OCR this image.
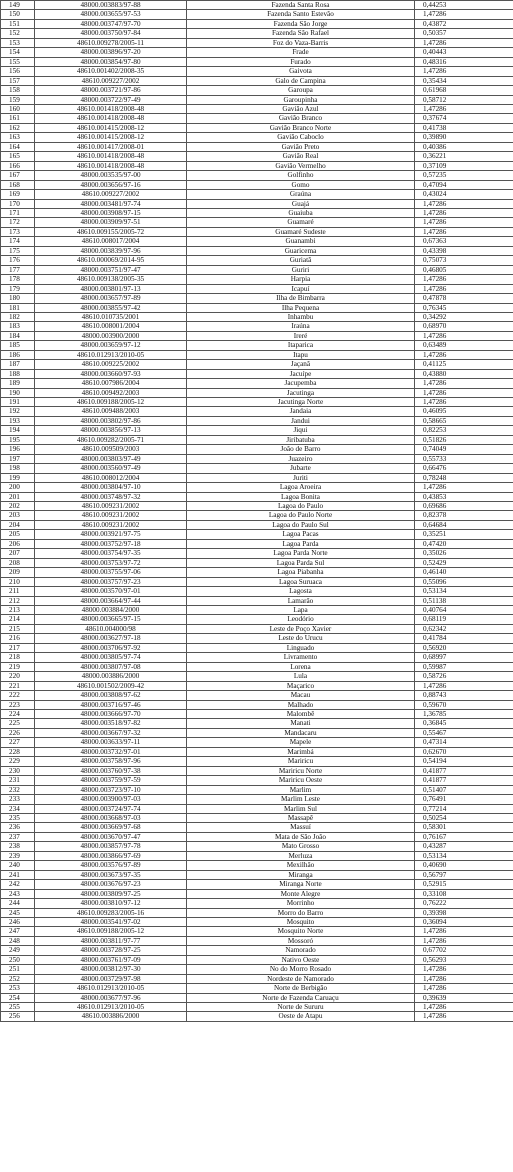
149	48000.003883/97-88	Fazenda Santa Rosa	0,44253
150	48000.003655/97-53	Fazenda Santo Estevão	1,47286
151	48000.003747/97-70	Fazenda São Jorge	0,43872
152	48000.003750/97-84	Fazenda São Rafael	0,50357
153	48610.009278/2005-11	Foz do Vaza-Barris	1,47286
154	48000.003896/97-20	Frade	0,40443
155	48000.003854/97-80	Furado	0,48316
156	48610.001402/2008-35	Gaivota	1,47286
157	48610.009227/2002	Galo de Campina	0,35434
158	48000.003721/97-86	Garoupa	0,61968
159	48000.003722/97-49	Garoupinha	0,58712
160	48610.001418/2008-48	Gavião Azul	1,47286
161	48610.001418/2008-48	Gavião Branco	0,37674
162	48610.001415/2008-12	Gavião Branco Norte	0,41738
163	48610.001415/2008-12	Gavião Caboclo	0,39890
164	48610.001417/2008-01	Gavião Preto	0,40386
165	48610.001418/2008-48	Gavião Real	0,36221
166	48610.001418/2008-48	Gavião Vermelho	0,37109
167	48000.003535/97-00	Golfinho	0,57235
168	48000.003656/97-16	Gomo	0,47094
169	48610.009227/2002	Graúna	0,43024
170	48000.003481/97-74	Guajá	1,47286
171	48000.003908/97-15	Guaiuba	1,47286
172	48000.003909/97-51	Guamaré	1,47286
173	48610.009155/2005-72	Guamaré Sudeste	1,47286
174	48610.008017/2004	Guanambi	0,67363
175	48000.003839/97-96	Guaricema	0,43398
176	48610.000069/2014-95	Guriatã	0,75073
177	48000.003751/97-47	Guriri	0,46805
178	48610.009138/2005-35	Harpia	1,47286
179	48000.003801/97-13	Icapuí	1,47286
180	48000.003657/97-89	Ilha de Bimbarra	0,47878
181	48000.003855/97-42	Ilha Pequena	0,76345
182	48610.010735/2001	Inhambu	0,34292
183	48610.008001/2004	Iraúna	0,68970
184	48000.003900/2000	Ireré	1,47286
185	48000.003659/97-12	Itaparica	0,63489
186	48610.012913/2010-05	Itapu	1,47286
187	48610.009225/2002	Jaçanã	0,41125
188	48000.003660/97-93	Jacuípe	0,43880
189	48610.007986/2004	Jacupemba	1,47286
190	48610.009492/2003	Jacutinga	1,47286
191	48610.009188/2005-12	Jacutinga Norte	1,47286
192	48610.009488/2003	Jandaia	0,46095
193	48000.003802/97-86	Jandui	0,58665
194	48000.003856/97-13	Jiqui	0,82253
195	48610.009282/2005-71	Jiribatuba	0,51826
196	48610.009509/2003	João de Barro	0,74049
197	48000.003803/97-49	Juazeiro	0,55733
198	48000.003560/97-49	Jubarte	0,66476
199	48610.008012/2004	Juriti	0,78248
200	48000.003804/97-10	Lagoa Aroeira	1,47286
201	48000.003748/97-32	Lagoa Bonita	0,43853
202	48610.009231/2002	Lagoa do Paulo	0,69686
203	48610.009231/2002	Lagoa do Paulo Norte	0,82378
204	48610.009231/2002	Lagoa do Paulo Sul	0,64684
205	48000.003921/97-75	Lagoa Pacas	0,35251
206	48000.003752/97-18	Lagoa Parda	0,47420
207	48000.003754/97-35	Lagoa Parda Norte	0,35026
208	48000.003753/97-72	Lagoa Parda Sul	0,52429
209	48000.003755/97-06	Lagoa Piabanha	0,46140
210	48000.003757/97-23	Lagoa Suruaca	0,55096
211	48000.003570/97-01	Lagosta	0,53134
212	48000.003664/97-44	Lamarão	0,51138
213	48000.003884/2000	Lapa	0,40764
214	48000.003665/97-15	Leodório	0,68119
215	48610.004000/98	Leste de Poço Xavier	0,62342
216	48000.003627/97-18	Leste do Urucu	0,41784
217	48000.003706/97-92	Linguado	0,56920
218	48000.003805/97-74	Livramento	0,68997
219	48000.003807/97-08	Lorena	0,59987
220	48000.003886/2000	Lula	0,58726
221	48610.001502/2009-42	Maçarico	1,47286
222	48000.003808/97-62	Macau	0,88743
223	48000.003716/97-46	Malhado	0,59670
224	48000.003666/97-70	Malombê	1,36785
225	48000.003518/97-82	Manati	0,36845
226	48000.003667/97-32	Mandacaru	0,55467
227	48000.003633/97-11	Mapele	0,47314
228	48000.003732/97-01	Marimbá	0,62670
229	48000.003758/97-96	Mariricu	0,54194
230	48000.003760/97-38	Mariricu Norte	0,41877
231	48000.003759/97-59	Mariricu Oeste	0,41877
232	48000.003723/97-10	Marlim	0,51407
233	48000.003900/97-03	Marlim Leste	0,76491
234	48000.003724/97-74	Marlim Sul	0,77214
235	48000.003668/97-03	Massapê	0,50254
236	48000.003669/97-68	Massuí	0,58301
237	48000.003670/97-47	Mata de São João	0,76167
238	48000.003857/97-78	Mato Grosso	0,43287
239	48000.003866/97-69	Merluza	0,53134
240	48000.003576/97-89	Mexilhão	0,40690
241	48000.003673/97-35	Miranga	0,56797
242	48000.003676/97-23	Miranga Norte	0,52915
243	48000.003809/97-25	Monte Alegre	0,33108
244	48000.003810/97-12	Morrinho	0,76222
245	48610.009283/2005-16	Morro do Barro	0,39398
246	48000.003541/97-02	Mosquito	0,36094
247	48610.009188/2005-12	Mosquito Norte	1,47286
248	48000.003811/97-77	Mossoró	1,47286
249	48000.003728/97-25	Namorado	0,67702
250	48000.003761/97-09	Nativo Oeste	0,56293
251	48000.003812/97-30	No do Morro Rosado	1,47286
252	48000.003729/97-98	Nordeste de Namorado	1,47286
253	48610.012913/2010-05	Norte de Berbigão	1,47286
254	48000.003677/97-96	Norte de Fazenda Caruaçu	0,39639
255	48610.012913/2010-05	Norte de Sururu	1,47286
256	48610.003886/2000	Oeste de Atapu	1,47286
